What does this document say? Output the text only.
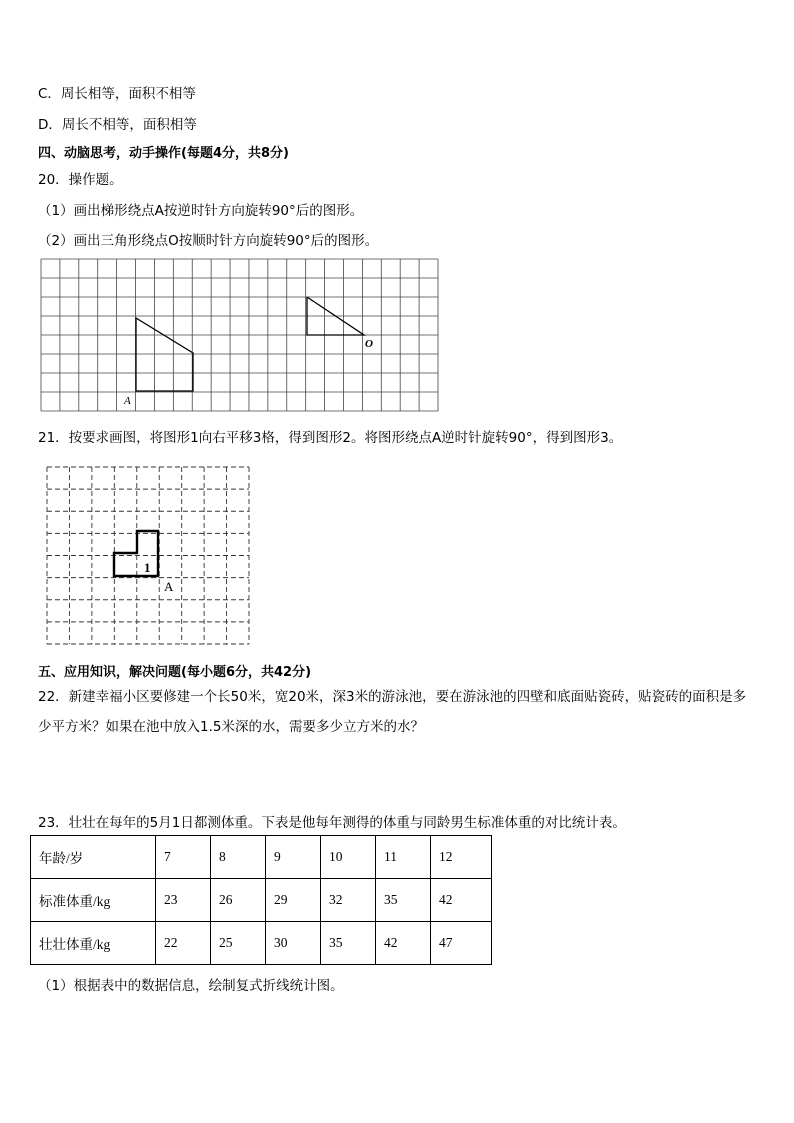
C．周长相等，面积不相等
D．周长不相等，面积相等
四、动脑思考，动手操作(每题4分，共8分)
20．操作题。
（1）画出梯形绕点A按逆时针方向旋转90°后的图形。
（2）画出三角形绕点O按顺时针方向旋转90°后的图形。
A
O
21．按要求画图，将图形1向右平移3格，得到图形2。将图形绕点A逆时针旋转90°，得到图形3。
1
A
五、应用知识，解决问题(每小题6分，共42分)
22．新建幸福小区要修建一个长50米，宽20米，深3米的游泳池，要在游泳池的四壁和底面贴瓷砖，贴瓷砖的面积是多少平方米？如果在池中放入1.5米深的水，需要多少立方米的水？
23．壮壮在每年的5月1日都测体重。下表是他每年测得的体重与同龄男生标准体重的对比统计表。
年龄/岁	7	8	9	10	11	12
标准体重/kg	23	26	29	32	35	42
壮壮体重/kg	22	25	30	35	42	47
（1）根据表中的数据信息，绘制复式折线统计图。
